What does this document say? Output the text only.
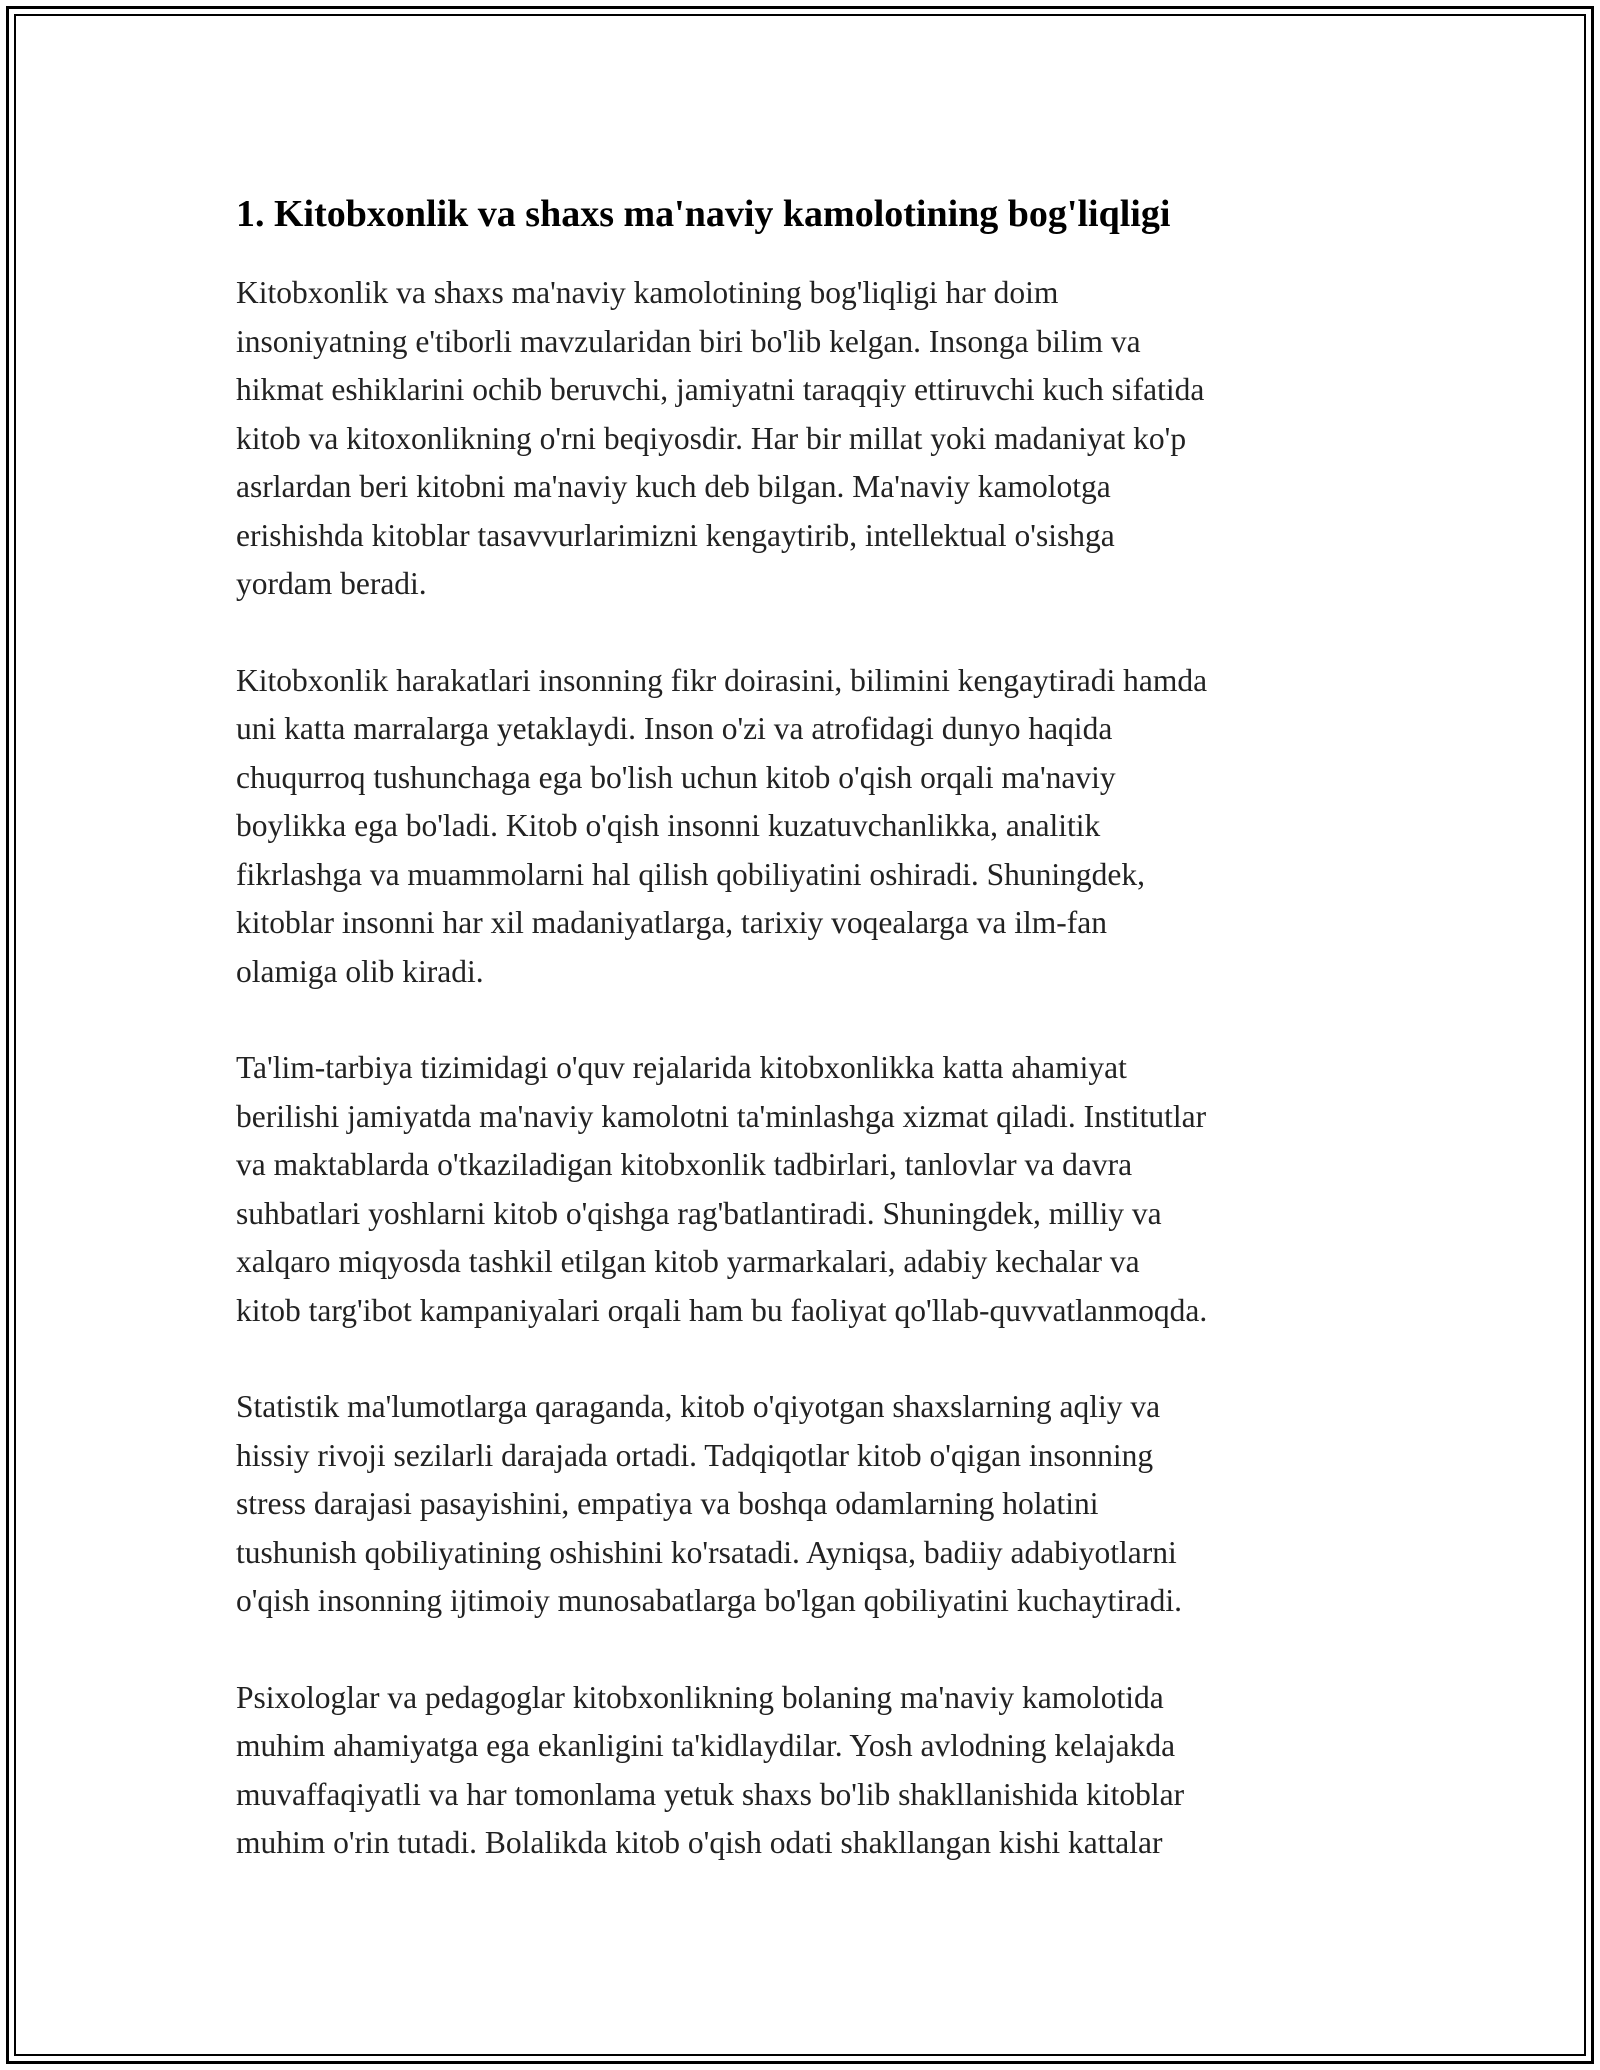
1. Kitobxonlik va shaxs ma'naviy kamolotining bog'liqligi

Kitobxonlik va shaxs ma'naviy kamolotining bog'liqligi har doim
insoniyatning e'tiborli mavzularidan biri bo'lib kelgan. Insonga bilim va
hikmat eshiklarini ochib beruvchi, jamiyatni taraqqiy ettiruvchi kuch sifatida
kitob va kitoxonlikning o'rni beqiyosdir. Har bir millat yoki madaniyat ko'p
asrlardan beri kitobni ma'naviy kuch deb bilgan. Ma'naviy kamolotga
erishishda kitoblar tasavvurlarimizni kengaytirib, intellektual o'sishga
yordam beradi.

Kitobxonlik harakatlari insonning fikr doirasini, bilimini kengaytiradi hamda
uni katta marralarga yetaklaydi. Inson o'zi va atrofidagi dunyo haqida
chuqurroq tushunchaga ega bo'lish uchun kitob o'qish orqali ma'naviy
boylikka ega bo'ladi. Kitob o'qish insonni kuzatuvchanlikka, analitik
fikrlashga va muammolarni hal qilish qobiliyatini oshiradi. Shuningdek,
kitoblar insonni har xil madaniyatlarga, tarixiy voqealarga va ilm-fan
olamiga olib kiradi.

Ta'lim-tarbiya tizimidagi o'quv rejalarida kitobxonlikka katta ahamiyat
berilishi jamiyatda ma'naviy kamolotni ta'minlashga xizmat qiladi. Institutlar
va maktablarda o'tkaziladigan kitobxonlik tadbirlari, tanlovlar va davra
suhbatlari yoshlarni kitob o'qishga rag'batlantiradi. Shuningdek, milliy va
xalqaro miqyosda tashkil etilgan kitob yarmarkalari, adabiy kechalar va
kitob targ'ibot kampaniyalari orqali ham bu faoliyat qo'llab-quvvatlanmoqda.

Statistik ma'lumotlarga qaraganda, kitob o'qiyotgan shaxslarning aqliy va
hissiy rivoji sezilarli darajada ortadi. Tadqiqotlar kitob o'qigan insonning
stress darajasi pasayishini, empatiya va boshqa odamlarning holatini
tushunish qobiliyatining oshishini ko'rsatadi. Ayniqsa, badiiy adabiyotlarni
o'qish insonning ijtimoiy munosabatlarga bo'lgan qobiliyatini kuchaytiradi.

Psixologlar va pedagoglar kitobxonlikning bolaning ma'naviy kamolotida
muhim ahamiyatga ega ekanligini ta'kidlaydilar. Yosh avlodning kelajakda
muvaffaqiyatli va har tomonlama yetuk shaxs bo'lib shakllanishida kitoblar
muhim o'rin tutadi. Bolalikda kitob o'qish odati shakllangan kishi kattalar
